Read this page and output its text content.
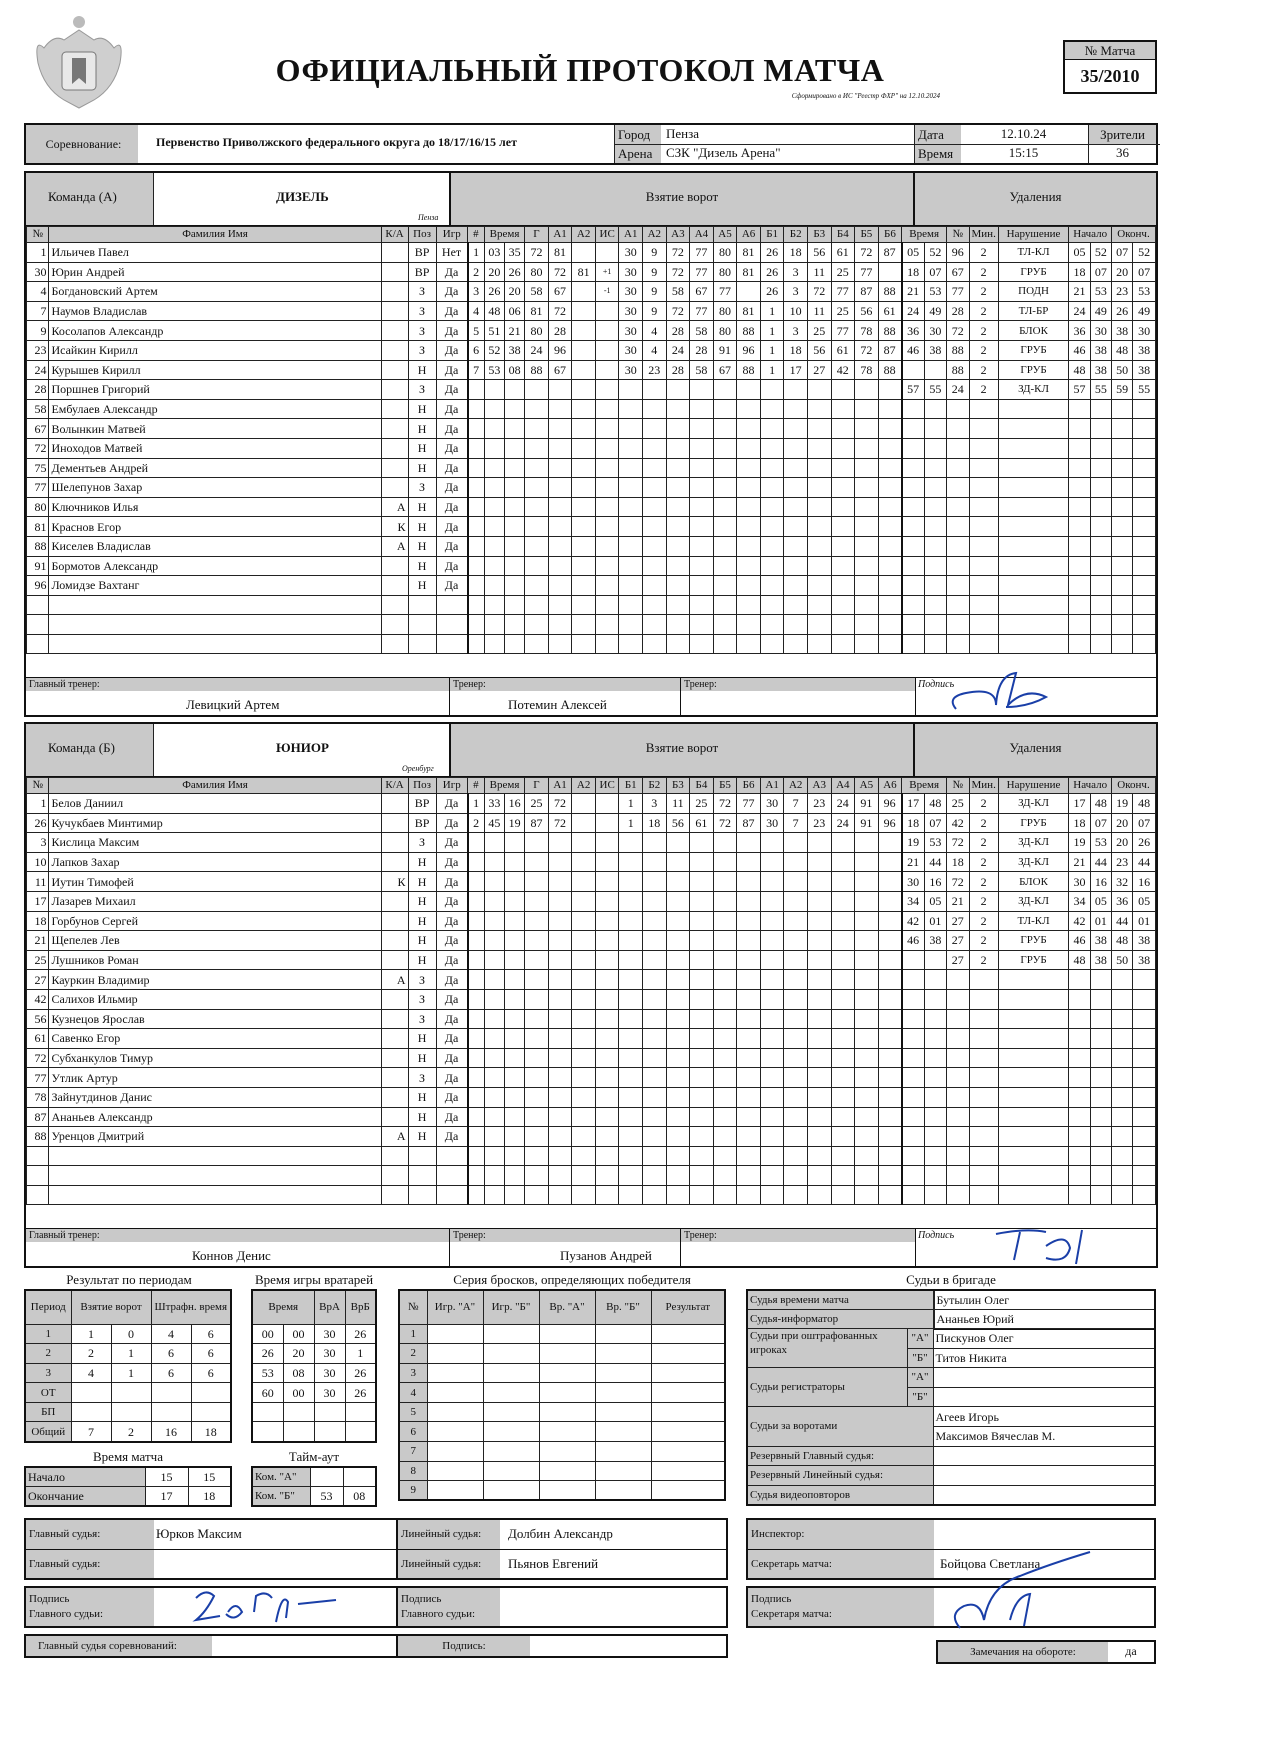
ОФИЦИАЛЬНЫЙ ПРОТОКОЛ МАТЧА
Сформировано в ИС "Реестр ФХР" на 12.10.2024
№ Матча
35/2010
Соревнование:	Первенство Приволжского федерального округа до 18/17/16/15 лет	Город	Пенза
Арена	СЗК "Дизель Арена"
Дата	12.10.24
Время	15:15
Зрители
36
Команда (А)	ДИЗЕЛЬ
Пенза
Взятие ворот	Удаления
№	Фамилия Имя	К/А	Поз	Игр	#	Время		Г	А1	А2	ИС	А1	А2	А3	А4	А5	А6	Б1	Б2	Б3	Б4	Б5	Б6	Время		№	Мин.	Нарушение	Начало		Оконч.	
1	Ильичев Павел		ВР	Нет	1	03	35	72	81			30	9	72	77	80	81	26	18	56	61	72	87	05	52	96	2	ТЛ-КЛ	05	52	07	52
30	Юрин Андрей		ВР	Да	2	20	26	80	72	81	+1	30	9	72	77	80	81	26	3	11	25	77		18	07	67	2	ГРУБ	18	07	20	07
4	Богдановский Артем		З	Да	3	26	20	58	67		-1	30	9	58	67	77		26	3	72	77	87	88	21	53	77	2	ПОДН	21	53	23	53
7	Наумов Владислав		З	Да	4	48	06	81	72			30	9	72	77	80	81	1	10	11	25	56	61	24	49	28	2	ТЛ-БР	24	49	26	49
9	Косолапов Александр		З	Да	5	51	21	80	28			30	4	28	58	80	88	1	3	25	77	78	88	36	30	72	2	БЛОК	36	30	38	30
23	Исайкин Кирилл		З	Да	6	52	38	24	96			30	4	24	28	91	96	1	18	56	61	72	87	46	38	88	2	ГРУБ	46	38	48	38
24	Курышев Кирилл		Н	Да	7	53	08	88	67			30	23	28	58	67	88	1	17	27	42	78	88			88	2	ГРУБ	48	38	50	38
28	Поршнев Григорий		З	Да																				57	55	24	2	ЗД-КЛ	57	55	59	55
58	Ембулаев Александр		Н	Да																												
67	Волынкин Матвей		Н	Да																												
72	Иноходов Матвей		Н	Да																												
75	Дементьев Андрей		Н	Да																												
77	Шелепунов Захар		З	Да																												
80	Ключников Илья	А	Н	Да																												
81	Краснов Егор	К	Н	Да																												
88	Киселев Владислав	А	Н	Да																												
91	Бормотов Александр		Н	Да																												
96	Ломидзе Вахтанг		Н	Да																												

Главный тренер:
Левицкий Артем
Тренер:
Потемин Алексей
Тренер:	Подпись
Команда (Б)	ЮНИОР
Оренбург
Взятие ворот	Удаления
№	Фамилия Имя	К/А	Поз	Игр	#	Время		Г	А1	А2	ИС	Б1	Б2	Б3	Б4	Б5	Б6	А1	А2	А3	А4	А5	А6	Время		№	Мин.	Нарушение	Начало		Оконч.	
1	Белов Даниил		ВР	Да	1	33	16	25	72			1	3	11	25	72	77	30	7	23	24	91	96	17	48	25	2	ЗД-КЛ	17	48	19	48
26	Кучукбаев Минтимир		ВР	Да	2	45	19	87	72			1	18	56	61	72	87	30	7	23	24	91	96	18	07	42	2	ГРУБ	18	07	20	07
3	Кислица Максим		З	Да																				19	53	72	2	ЗД-КЛ	19	53	20	26
10	Лапков Захар		Н	Да																				21	44	18	2	ЗД-КЛ	21	44	23	44
11	Иутин Тимофей	К	Н	Да																				30	16	72	2	БЛОК	30	16	32	16
17	Лазарев Михаил		Н	Да																				34	05	21	2	ЗД-КЛ	34	05	36	05
18	Горбунов Сергей		Н	Да																				42	01	27	2	ТЛ-КЛ	42	01	44	01
21	Щепелев Лев		Н	Да																				46	38	27	2	ГРУБ	46	38	48	38
25	Лушников Роман		Н	Да																						27	2	ГРУБ	48	38	50	38
27	Кауркин Владимир	А	З	Да																												
42	Салихов Ильмир		З	Да																												
56	Кузнецов Ярослав		З	Да																												
61	Савенко Егор		Н	Да																												
72	Субханкулов Тимур		Н	Да																												
77	Утлик Артур		З	Да																												
78	Зайнутдинов Данис		Н	Да																												
87	Ананьев Александр		Н	Да																												
88	Уренцов Дмитрий	А	Н	Да																												

Главный тренер:
Коннов Денис
Тренер:
Пузанов Андрей
Тренер:	Подпись
Результат по периодам
Период	Взятие ворот		Штрафн. время	
1	1	0	4	6
2	2	1	6	6
3	4	1	6	6
ОТ				
БП				
Общий	7	2	16	18
Время матча
Начало	15	15
Окончание	17	18
Время игры вратарей
Время		ВрА	ВрБ
00	00	30	26
26	20	30	1
53	08	30	26
60	00	30	26

Тайм-аут
Ком. "А"		
Ком. "Б"	53	08
Серия бросков, определяющих победителя
№	Игр. "А"	Игр. "Б"	Вр. "А"	Вр. "Б"	Результат
1					
2					
3					
4					
5					
6					
7					
8					
9					
Судьи в бригаде
Судья времени матча		Бутылин Олег
Судья-информатор		Ананьев Юрий
Судьи при оштрафованных игроках	"А"	Пискунов Олег
	"Б"	Титов Никита
Судьи регистраторы	"А"	
	"Б"	
Судьи за воротами		Агеев Игорь
		Максимов Вячеслав М.
Резервный Главный судья:		
Резервный Линейный судья:		
Судья видеоповторов		
Главный судья:	Юрков Максим
Главный судья:
Линейный судья:	Долбин Александр
Линейный судья:	Пьянов Евгений
Инспектор:
Секретарь матча:	Бойцова Светлана
Подпись
Главного судьи:
Подпись
Главного судьи:
Подпись
Секретаря матча:
Главный судья соревнований:	Подпись:	Замечания на обороте:	да
